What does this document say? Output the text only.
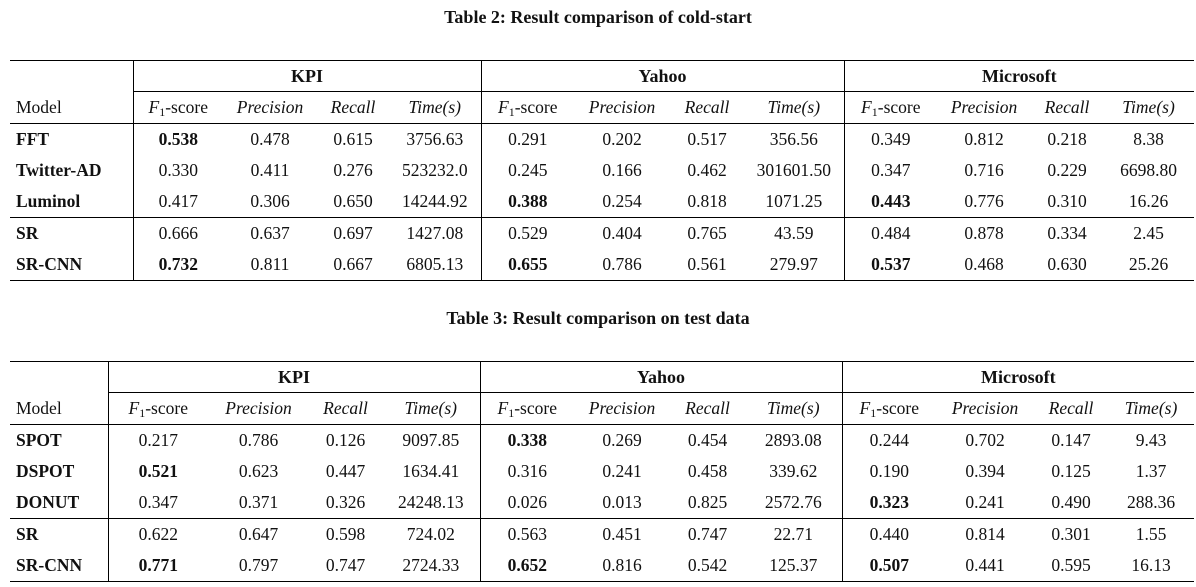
Table 2: Result comparison of cold-start
	KPI				Yahoo				Microsoft			
Model	$F_1$-score	Precision	Recall	Time(s)	$F_1$-score	Precision	Recall	Time(s)	$F_1$-score	Precision	Recall	Time(s)
FFT	0.538	0.478	0.615	3756.63	0.291	0.202	0.517	356.56	0.349	0.812	0.218	8.38
Twitter-AD	0.330	0.411	0.276	523232.0	0.245	0.166	0.462	301601.50	0.347	0.716	0.229	6698.80
Luminol	0.417	0.306	0.650	14244.92	0.388	0.254	0.818	1071.25	0.443	0.776	0.310	16.26
SR	0.666	0.637	0.697	1427.08	0.529	0.404	0.765	43.59	0.484	0.878	0.334	2.45
SR-CNN	0.732	0.811	0.667	6805.13	0.655	0.786	0.561	279.97	0.537	0.468	0.630	25.26
Table 3: Result comparison on test data
	KPI				Yahoo				Microsoft			
Model	$F_1$-score	Precision	Recall	Time(s)	$F_1$-score	Precision	Recall	Time(s)	$F_1$-score	Precision	Recall	Time(s)
SPOT	0.217	0.786	0.126	9097.85	0.338	0.269	0.454	2893.08	0.244	0.702	0.147	9.43
DSPOT	0.521	0.623	0.447	1634.41	0.316	0.241	0.458	339.62	0.190	0.394	0.125	1.37
DONUT	0.347	0.371	0.326	24248.13	0.026	0.013	0.825	2572.76	0.323	0.241	0.490	288.36
SR	0.622	0.647	0.598	724.02	0.563	0.451	0.747	22.71	0.440	0.814	0.301	1.55
SR-CNN	0.771	0.797	0.747	2724.33	0.652	0.816	0.542	125.37	0.507	0.441	0.595	16.13
